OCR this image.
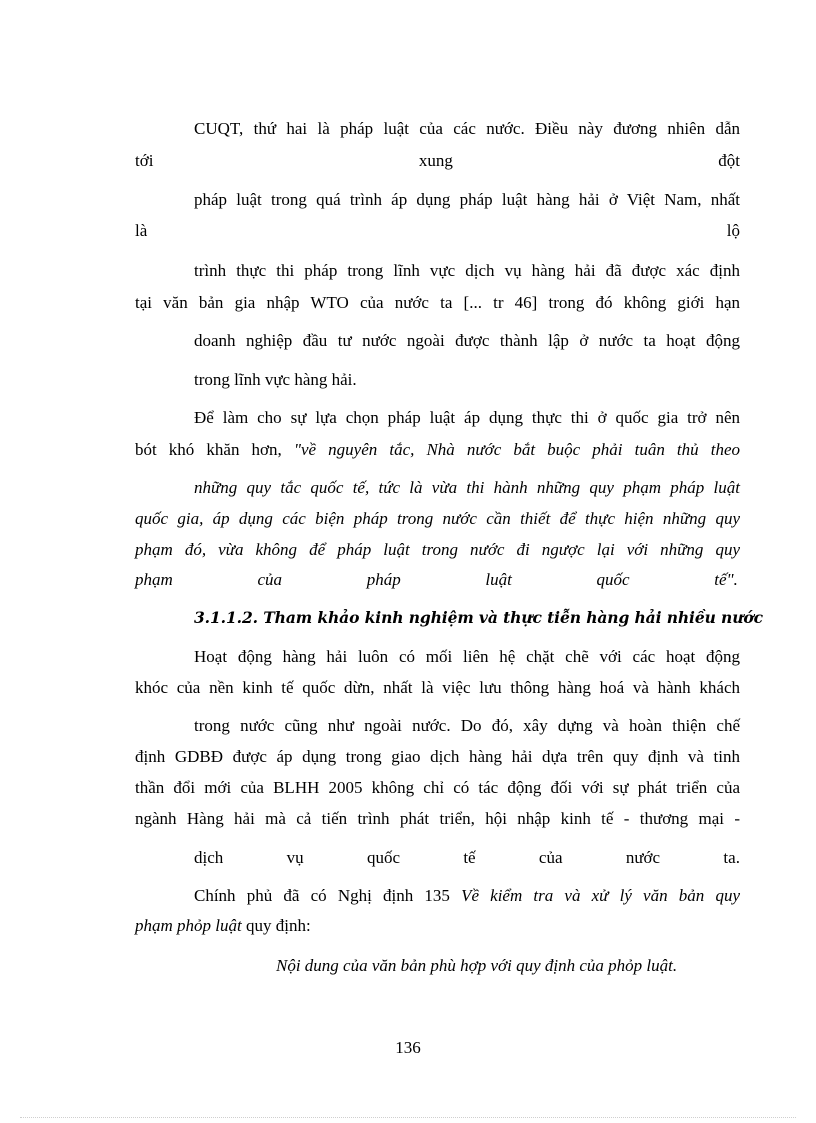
CUQT, thứ hai là pháp luật của các nước. Điều này đương nhiên dẫn
tới	xung	đột
pháp luật trong quá trình áp dụng pháp luật hàng hải ở Việt Nam, nhất
là	lộ
trình thực thi pháp trong lĩnh vực dịch vụ hàng hải đã được xác định
tại văn bản gia nhập WTO của nước ta [... tr 46] trong đó không giới hạn
doanh nghiệp đầu tư nước ngoài được thành lập ở nước ta hoạt động
trong lĩnh vực hàng hải.
Để làm cho sự lựa chọn pháp luật áp dụng thực thi ở quốc gia trở nên
bót khó khăn hơn, "về nguyên tắc, Nhà nước bắt buộc phải tuân thủ theo
những quy tắc quốc tế, tức là vừa thi hành những quy phạm pháp luật
quốc gia, áp dụng các biện pháp trong nước cần thiết để thực hiện những quy
phạm đó, vừa không để pháp luật trong nước đi ngược lại với những quy
phạm	của	pháp	luật	quốc	tế".
3.1.1.2. Tham khảo kinh nghiệm và thực tiễn hàng hải nhiều nước
Hoạt động hàng hải luôn có mối liên hệ chặt chẽ với các hoạt động
khóc của nền kinh tế quốc dừn, nhất là việc lưu thông hàng hoá và hành khách
trong nước cũng như ngoài nước. Do đó, xây dựng và hoàn thiện chế
định GDBĐ được áp dụng trong giao dịch hàng hải dựa trên quy định và tinh
thần đổi mới của BLHH 2005 không chỉ có tác động đối với sự phát triển của
ngành Hàng hải mà cả tiến trình phát triển, hội nhập kinh tế - thương mại -
dịch	vụ	quốc	tế	của	nước	ta.
Chính phủ đã có Nghị định 135 Về kiểm tra và xử lý văn bản quy
phạm phỏp luật quy định:
Nội dung của văn bản phù hợp với quy định của phỏp luật.
136
